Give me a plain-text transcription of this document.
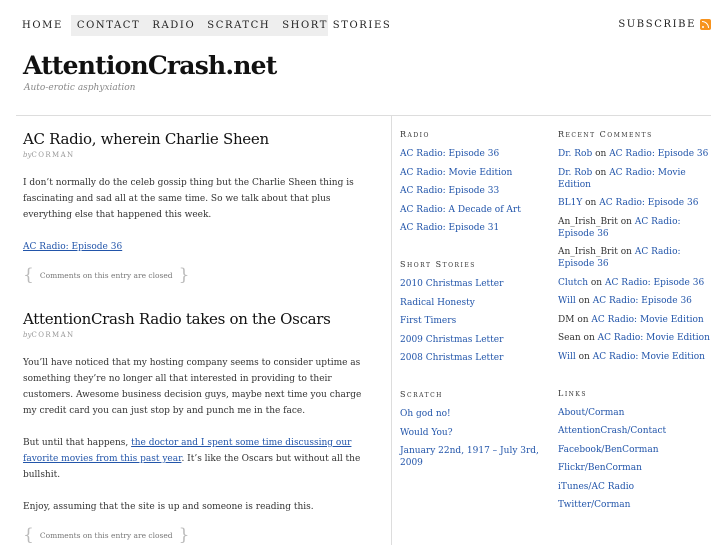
HOME	CONTACT	RADIO	SCRATCH	SHORT STORIES	SUBSCRIBE
AttentionCrash.net
Auto-erotic asphyxiation
AC Radio, wherein Charlie Sheen
byCORMAN

I don’t normally do the celeb gossip thing but the Charlie Sheen thing is fascinating and sad all at the same time. So we talk about that plus everything else that happened this week.

AC Radio: Episode 36

{ Comments on this entry are closed }
AttentionCrash Radio takes on the Oscars
byCORMAN

You’ll have noticed that my hosting company seems to consider uptime as something they’re no longer all that interested in providing to their customers. Awesome business decision guys, maybe next time you charge my credit card you can just stop by and punch me in the face.

But until that happens, the doctor and I spent some time discussing our favorite movies from this past year. It’s like the Oscars but without all the bullshit.

Enjoy, assuming that the site is up and someone is reading this.

{ Comments on this entry are closed }
Radio
AC Radio: Episode 36
AC Radio: Movie Edition
AC Radio: Episode 33
AC Radio: A Decade of Art
AC Radio: Episode 31
Short Stories
2010 Christmas Letter
Radical Honesty
First Timers
2009 Christmas Letter
2008 Christmas Letter
Scratch
Oh god no!
Would You?
January 22nd, 1917 – July 3rd, 2009
Recent Comments
Dr. Rob on AC Radio: Episode 36
Dr. Rob on AC Radio: Movie Edition
BL1Y on AC Radio: Episode 36
An_Irish_Brit on AC Radio: Episode 36
An_Irish_Brit on AC Radio: Episode 36
Clutch on AC Radio: Episode 36
Will on AC Radio: Episode 36
DM on AC Radio: Movie Edition
Sean on AC Radio: Movie Edition
Will on AC Radio: Movie Edition
Links
About/Corman
AttentionCrash/Contact
Facebook/BenCorman
Flickr/BenCorman
iTunes/AC Radio
Twitter/Corman
